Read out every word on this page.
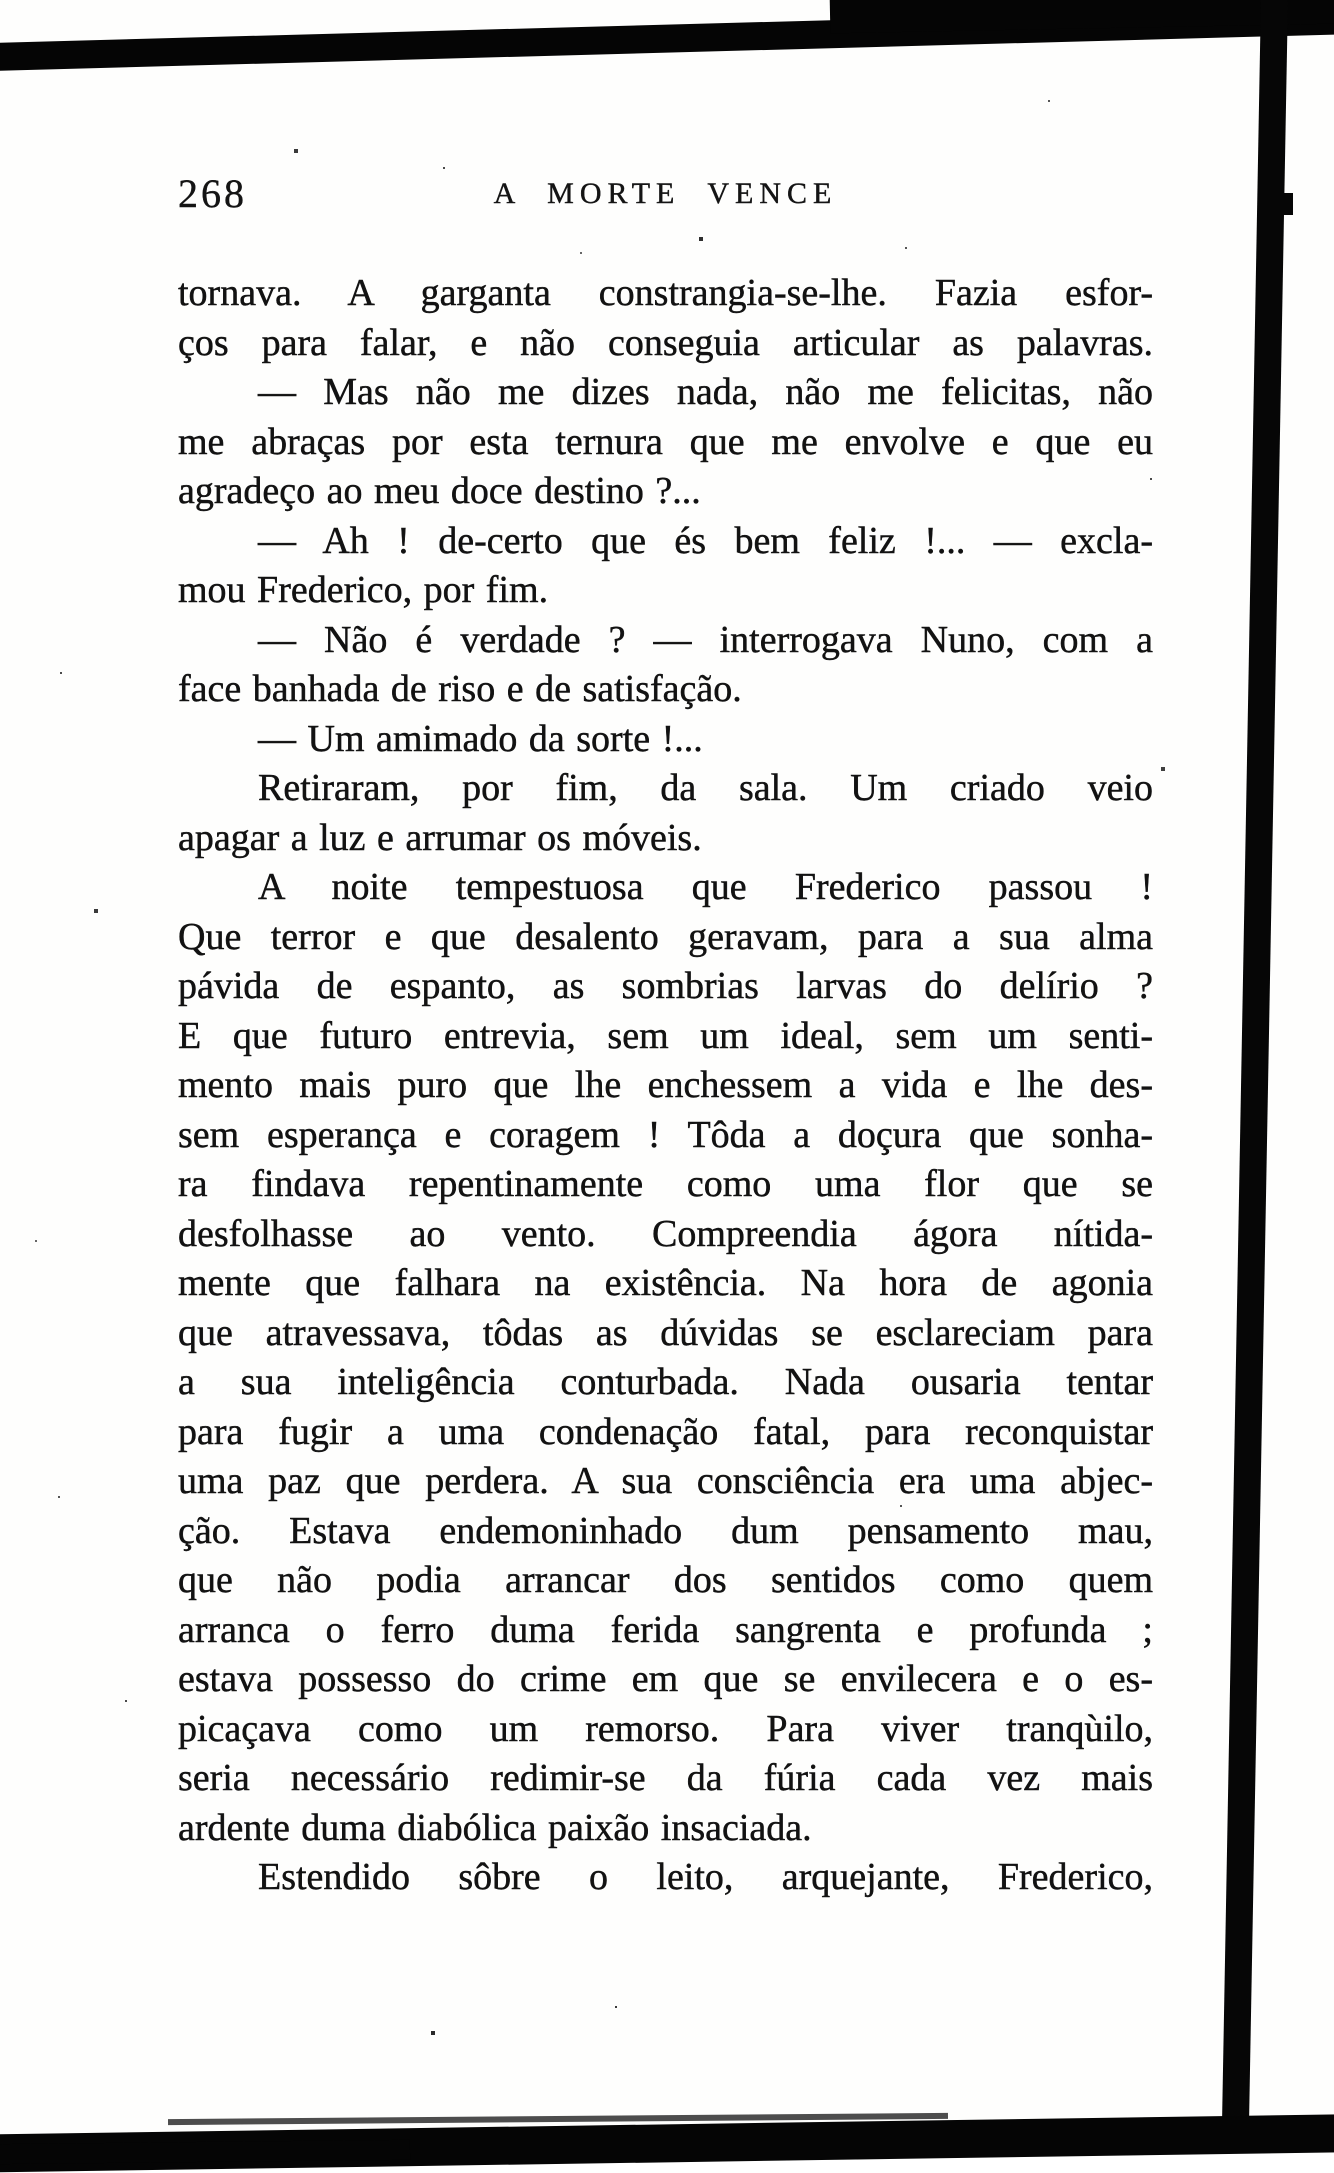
268	A MORTE VENCE
tornava. A garganta constrangia-se-lhe. Fazia esfor-
ços para falar, e não conseguia articular as palavras.
— Mas não me dizes nada, não me felicitas, não
me abraças por esta ternura que me envolve e que eu
agradeço ao meu doce destino ?...
— Ah ! de-certo que és bem feliz !... — excla-
mou Frederico, por fim.
— Não é verdade ? — interrogava Nuno, com a
face banhada de riso e de satisfação.
— Um amimado da sorte !...
Retiraram, por fim, da sala. Um criado veio
apagar a luz e arrumar os móveis.
A noite tempestuosa que Frederico passou !
Que terror e que desalento geravam, para a sua alma
pávida de espanto, as sombrias larvas do delírio ?
E que futuro entrevia, sem um ideal, sem um senti-
mento mais puro que lhe enchessem a vida e lhe des-
sem esperança e coragem ! Tôda a doçura que sonha-
ra findava repentinamente como uma flor que se
desfolhasse ao vento. Compreendia ágora nítida-
mente que falhara na existência. Na hora de agonia
que atravessava, tôdas as dúvidas se esclareciam para
a sua inteligência conturbada. Nada ousaria tentar
para fugir a uma condenação fatal, para reconquistar
uma paz que perdera. A sua consciência era uma abjec-
ção. Estava endemoninhado dum pensamento mau,
que não podia arrancar dos sentidos como quem
arranca o ferro duma ferida sangrenta e profunda ;
estava possesso do crime em que se envilecera e o es-
picaçava como um remorso. Para viver tranqùilo,
seria necessário redimir-se da fúria cada vez mais
ardente duma diabólica paixão insaciada.
Estendido sôbre o leito, arquejante, Frederico,
